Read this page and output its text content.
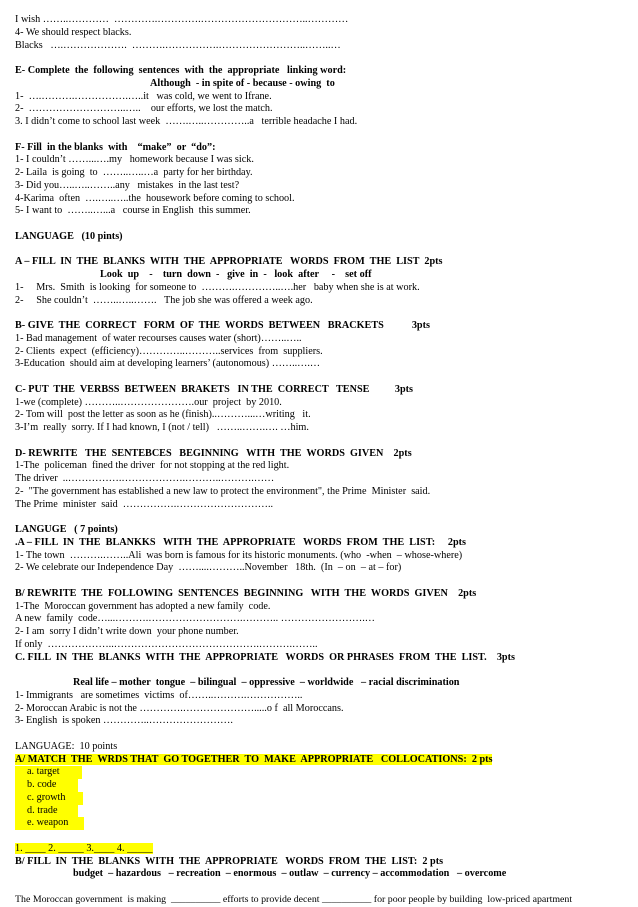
I wish ……..…………  ………….………….…………………………..…………
4- We should respect blacks.
Blacks   ….……………….  ……….…………….……………………..……..…
E- Complete  the  following  sentences  with  the  appropriate   linking word:
Although  - in spite of - because - owing  to
1-  ….……….…………….…..it   was cold, we went to Ifrane.
2-  ………………………..…..    our efforts, we lost the match.
3. I didn’t come to school last week  …….…..…………..a   terrible headache I had.
F- Fill  in the blanks  with    “make”  or  “do”:
1- I couldn’t ……...….my   homework because I was sick.
2- Laila  is going  to  ……..…..…a  party for her birthday.
3- Did you…..…..……..any   mistakes  in the last test?
4-Karima  often  ….…..…..the  housework before coming to school.
5- I want to  ……..…...a   course in English  this summer.
LANGUAGE   (10 pints)
A – FILL  IN  THE  BLANKS  WITH  THE  APPROPRIATE   WORDS  FROM  THE  LIST  2pts
Look  up    -    turn  down  -   give  in  -   look  after     -    set off
1-     Mrs.  Smith  is looking  for someone to  ……….…………..….her   baby when she is at work.
2-     She couldn’t  ……..…..…….   The job she was offered a week ago.
B- GIVE  THE  CORRECT   FORM  OF  THE  WORDS  BETWEEN   BRACKETS           3pts
1- Bad management  of water recourses causes water (short)……..…..
2- Clients  expect  (efficiency)…………..………..services  from  suppliers.
3-Education  should aim at developing learners’ (autonomous) ……..….…
C- PUT  THE  VERBSS  BETWEEN  BRAKETS   IN THE  CORRECT   TENSE          3pts
1-we (complete) ………..………………….our  project  by 2010.
2- Tom will  post the letter as soon as he (finish)..………...…writing   it.
3-I’m  really  sorry. If I had known, I (not / tell)   ……..…….…. …him.
D- REWRITE   THE  SENTEBCES   BEGINNING   WITH  THE  WORDS  GIVEN    2pts
1-The  policeman  fined the driver  for not stopping at the red light.
The driver  ..…………….……………….………..……….……
2-  "The government has established a new law to protect the environment", the Prime  Minister  said.
The Prime  minister  said  …………….………………………..
LANGUGE   ( 7 points)
.A – FILL  IN  THE  BLANKKS   WITH  THE  APPROPRIATE   WORDS  FROM  THE  LIST:     2pts
1- The town  ……….……..Ali  was born is famous for its historic monuments. (who  -when  – whose-where)
2- We celebrate our Independence Day  ……....………..November   18th.  (In  – on  – at – for)
B/ REWRITE  THE  FOLLOWING  SENTENCES  BEGINNING   WITH  THE  WORDS  GIVEN    2pts
1-The  Moroccan government has adopted a new family  code.
A new  family  code…...……….……………………….……….. …………………….…
2- I am  sorry I didn’t write down  your phone number.
If only  ………………..…………………………………….……….……..
C. FILL  IN  THE  BLANKS  WITH  THE  APPROPRIATE   WORDS  OR PHRASES  FROM  THE  LIST.    3pts
Real life – mother  tongue  – bilingual  – oppressive  – worldwide   – racial discrimination
1- Immigrants   are sometimes  victims  of……..……….……………..
2- Moroccan Arabic is not the ………….………………….....o f  all Moroccans.
3- English  is spoken …………..…………………….
LANGUAGE:  10 points
A/ MATCH  THE  WRDS THAT  GO TOGETHER  TO  MAKE  APPROPRIATE   COLLOCATIONS:  2 pts
a. target
b. code
c. growth
d. trade
e. weapon
1. ____ 2. _____ 3.____ 4. _____
B/ FILL  IN  THE  BLANKS  WITH  THE  APPROPRIATE   WORDS  FROM  THE  LIST:  2 pts
budget  – hazardous   – recreation  – enormous  – outlaw  – currency – accommodation   – overcome
The Moroccan government  is making  __________ efforts to provide decent __________ for poor people by building  low-priced apartment
